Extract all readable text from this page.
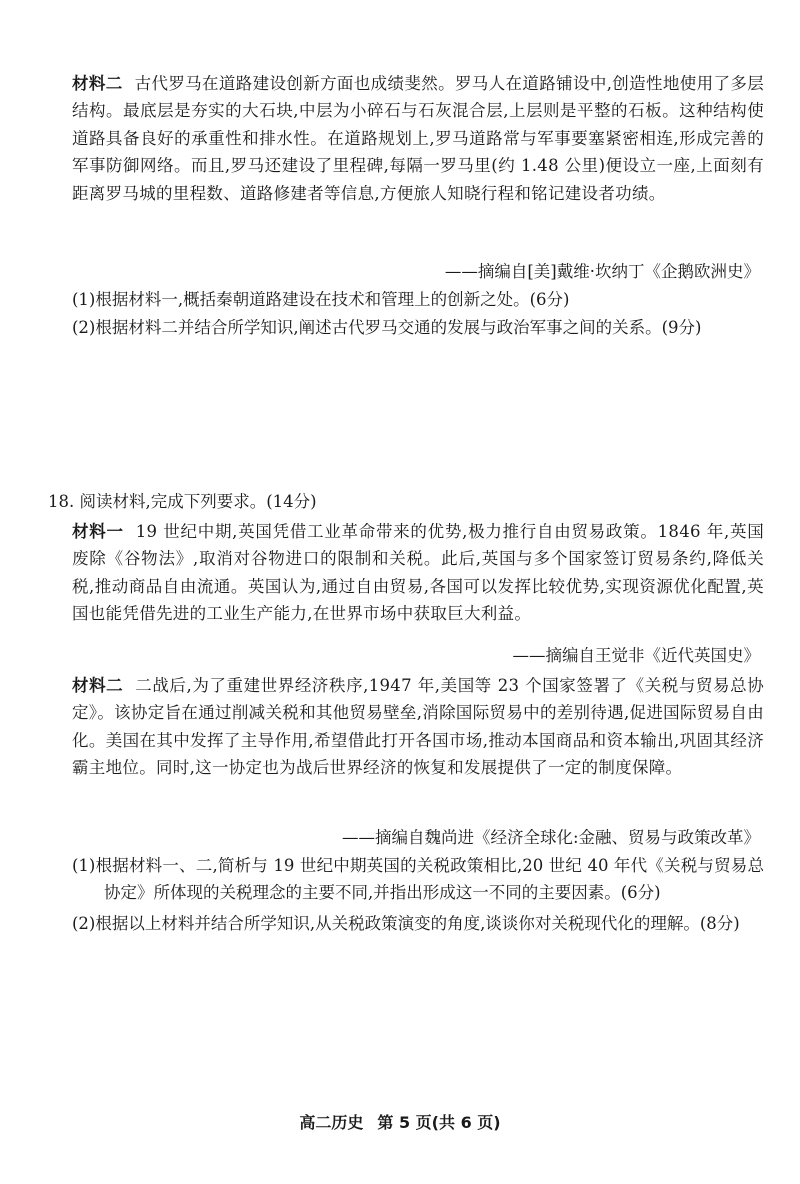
材料二 古代罗马在道路建设创新方面也成绩斐然。罗马人在道路铺设中,创造性地使用了多层结构。最底层是夯实的大石块,中层为小碎石与石灰混合层,上层则是平整的石板。这种结构使道路具备良好的承重性和排水性。在道路规划上,罗马道路常与军事要塞紧密相连,形成完善的军事防御网络。而且,罗马还建设了里程碑,每隔一罗马里(约 1.48 公里)便设立一座,上面刻有距离罗马城的里程数、道路修建者等信息,方便旅人知晓行程和铭记建设者功绩。
——摘编自[美]戴维·坎纳丁《企鹅欧洲史》
(1)根据材料一,概括秦朝道路建设在技术和管理上的创新之处。(6分)
(2)根据材料二并结合所学知识,阐述古代罗马交通的发展与政治军事之间的关系。(9分)
18. 阅读材料,完成下列要求。(14分)
材料一 19 世纪中期,英国凭借工业革命带来的优势,极力推行自由贸易政策。1846 年,英国废除《谷物法》,取消对谷物进口的限制和关税。此后,英国与多个国家签订贸易条约,降低关税,推动商品自由流通。英国认为,通过自由贸易,各国可以发挥比较优势,实现资源优化配置,英国也能凭借先进的工业生产能力,在世界市场中获取巨大利益。
——摘编自王觉非《近代英国史》
材料二 二战后,为了重建世界经济秩序,1947 年,美国等 23 个国家签署了《关税与贸易总协定》。该协定旨在通过削减关税和其他贸易壁垒,消除国际贸易中的差别待遇,促进国际贸易自由化。美国在其中发挥了主导作用,希望借此打开各国市场,推动本国商品和资本输出,巩固其经济霸主地位。同时,这一协定也为战后世界经济的恢复和发展提供了一定的制度保障。
——摘编自魏尚进《经济全球化:金融、贸易与政策改革》
(1)根据材料一、二,简析与 19 世纪中期英国的关税政策相比,20 世纪 40 年代《关税与贸易总协定》所体现的关税理念的主要不同,并指出形成这一不同的主要因素。(6分)
(2)根据以上材料并结合所学知识,从关税政策演变的角度,谈谈你对关税现代化的理解。(8分)
高二历史 第 5 页(共 6 页)
